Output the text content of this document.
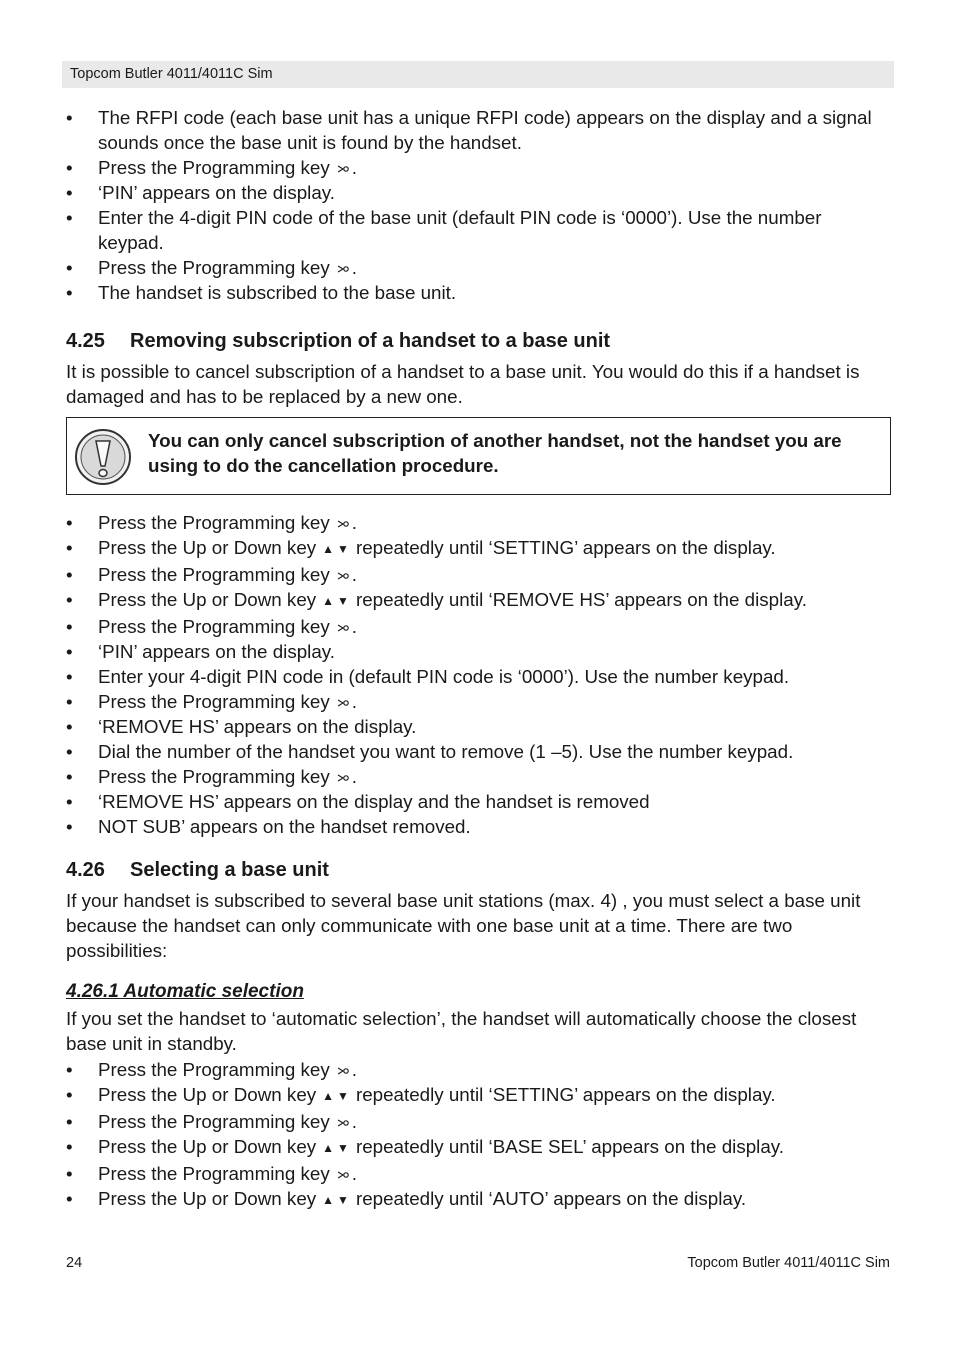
Topcom Butler 4011/4011C Sim
• The RFPI code (each base unit has a unique RFPI code) appears on the display and a signal sounds once the base unit is found by the handset.
• Press the Programming key .
• ‘PIN’ appears on the display.
• Enter the 4-digit PIN code of the base unit (default PIN code is ‘0000’). Use the number keypad.
• Press the Programming key .
• The handset is subscribed to the base unit.
4.25 Removing subscription of a handset to a base unit

It is possible to cancel subscription of a handset to a base unit. You would do this if a handset is damaged and has to be replaced by a new one.

You can only cancel subscription of another handset, not the handset you are using to do the cancellation procedure.
• Press the Programming key .
• Press the Up or Down key ▲▼ repeatedly until ‘SETTING’ appears on the display.
• Press the Programming key .
• Press the Up or Down key ▲▼ repeatedly until ‘REMOVE HS’ appears on the display.
• Press the Programming key .
• ‘PIN’ appears on the display.
• Enter your 4-digit PIN code in (default PIN code is ‘0000’). Use the number keypad.
• Press the Programming key .
• ‘REMOVE HS’ appears on the display.
• Dial the number of the handset you want to remove (1 –5). Use the number keypad.
• Press the Programming key .
• ‘REMOVE HS’ appears on the display and the handset is removed
• NOT SUB’ appears on the handset removed.
4.26 Selecting a base unit

If your handset is subscribed to several base unit stations (max. 4) , you must select a base unit because the handset can only communicate with one base unit at a time. There are two possibilities:

4.26.1 Automatic selection

If you set the handset to ‘automatic selection’, the handset will automatically choose the closest base unit in standby.

• Press the Programming key .
• Press the Up or Down key ▲▼ repeatedly until ‘SETTING’ appears on the display.
• Press the Programming key .
• Press the Up or Down key ▲▼ repeatedly until ‘BASE SEL’ appears on the display.
• Press the Programming key .
• Press the Up or Down key ▲▼ repeatedly until ‘AUTO’ appears on the display.
24	Topcom Butler 4011/4011C Sim
